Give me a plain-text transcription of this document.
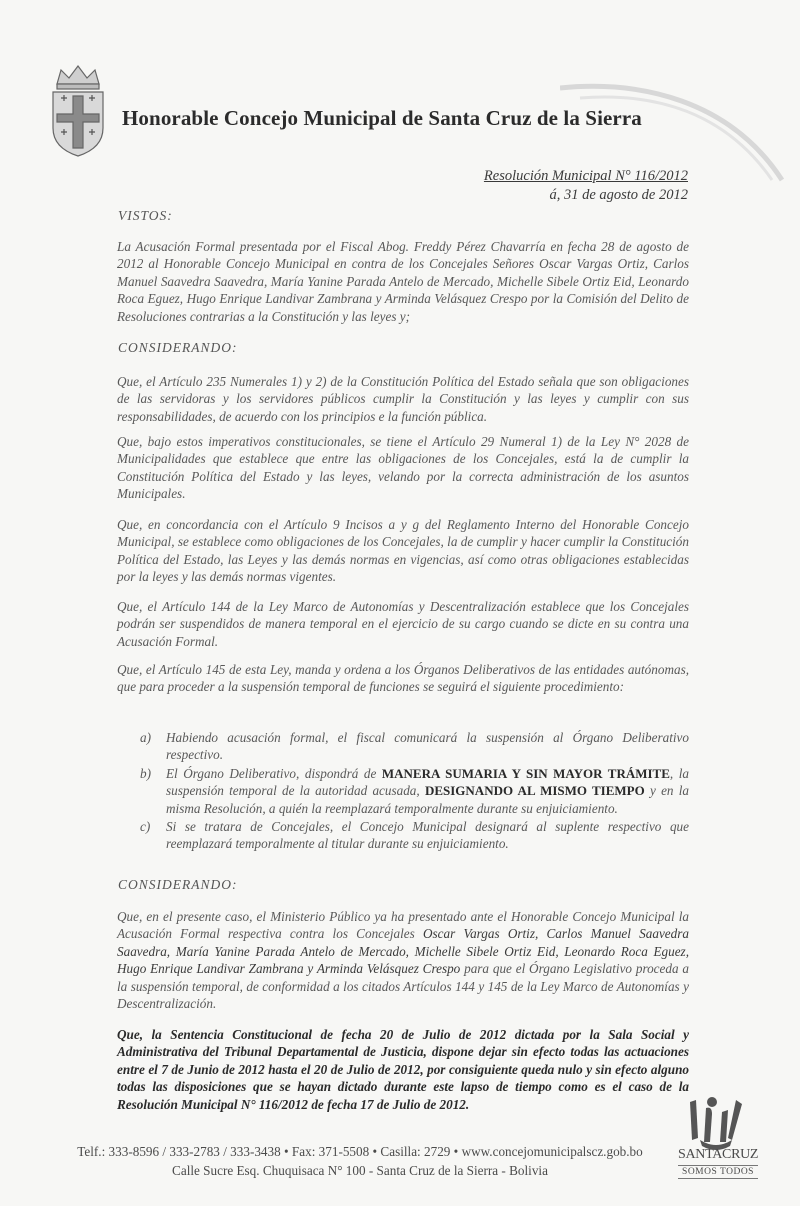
Honorable Concejo Municipal de Santa Cruz de la Sierra
Resolución Municipal N° 116/2012
á, 31 de agosto de 2012
VISTOS:
La Acusación Formal presentada por el Fiscal Abog. Freddy Pérez Chavarría en fecha 28 de agosto de 2012 al Honorable Concejo Municipal en contra de los Concejales Señores Oscar Vargas Ortiz, Carlos Manuel Saavedra Saavedra, María Yanine Parada Antelo de Mercado, Michelle Sibele Ortiz Eid, Leonardo Roca Eguez, Hugo Enrique Landivar Zambrana y Arminda Velásquez Crespo por la Comisión del Delito de Resoluciones contrarias a la Constitución y las leyes y;
CONSIDERANDO:
Que, el Artículo 235 Numerales 1) y 2) de la Constitución Política del Estado señala que son obligaciones de las servidoras y los servidores públicos cumplir la Constitución y las leyes y cumplir con sus responsabilidades, de acuerdo con los principios e la función pública.
Que, bajo estos imperativos constitucionales, se tiene el Artículo 29 Numeral 1) de la Ley N° 2028 de Municipalidades que establece que entre las obligaciones de los Concejales, está la de cumplir la Constitución Política del Estado y las leyes, velando por la correcta administración de los asuntos Municipales.
Que, en concordancia con el Artículo 9 Incisos a y g del Reglamento Interno del Honorable Concejo Municipal, se establece como obligaciones de los Concejales, la de cumplir y hacer cumplir la Constitución Política del Estado, las Leyes y las demás normas en vigencias, así como otras obligaciones establecidas por la leyes y las demás normas vigentes.
Que, el Artículo 144 de la Ley Marco de Autonomías y Descentralización establece que los Concejales podrán ser suspendidos de manera temporal en el ejercicio de su cargo cuando se dicte en su contra una Acusación Formal.
Que, el Artículo 145 de esta Ley, manda y ordena a los Órganos Deliberativos de las entidades autónomas, que para proceder a la suspensión temporal de funciones se seguirá el siguiente procedimiento:
a) Habiendo acusación formal, el fiscal comunicará la suspensión al Órgano Deliberativo respectivo.
b) El Órgano Deliberativo, dispondrá de MANERA SUMARIA Y SIN MAYOR TRÁMITE, la suspensión temporal de la autoridad acusada, DESIGNANDO AL MISMO TIEMPO y en la misma Resolución, a quién la reemplazará temporalmente durante su enjuiciamiento.
c) Si se tratara de Concejales, el Concejo Municipal designará al suplente respectivo que reemplazará temporalmente al titular durante su enjuiciamiento.
CONSIDERANDO:
Que, en el presente caso, el Ministerio Público ya ha presentado ante el Honorable Concejo Municipal la Acusación Formal respectiva contra los Concejales Oscar Vargas Ortiz, Carlos Manuel Saavedra Saavedra, María Yanine Parada Antelo de Mercado, Michelle Sibele Ortiz Eid, Leonardo Roca Eguez, Hugo Enrique Landivar Zambrana y Arminda Velásquez Crespo para que el Órgano Legislativo proceda a la suspensión temporal, de conformidad a los citados Artículos 144 y 145 de la Ley Marco de Autonomías y Descentralización.
Que, la Sentencia Constitucional de fecha 20 de Julio de 2012 dictada por la Sala Social y Administrativa del Tribunal Departamental de Justicia, dispone dejar sin efecto todas las actuaciones entre el 7 de Junio de 2012 hasta el 20 de Julio de 2012, por consiguiente queda nulo y sin efecto alguno todas las disposiciones que se hayan dictado durante este lapso de tiempo como es el caso de la Resolución Municipal N° 116/2012 de fecha 17 de Julio de 2012.
SANTACRUZ
SOMOS TODOS
Telf.: 333-8596 / 333-2783 / 333-3438 • Fax: 371-5508 • Casilla: 2729 • www.concejomunicipalscz.gob.bo
Calle Sucre Esq. Chuquisaca N° 100 - Santa Cruz de la Sierra - Bolivia
